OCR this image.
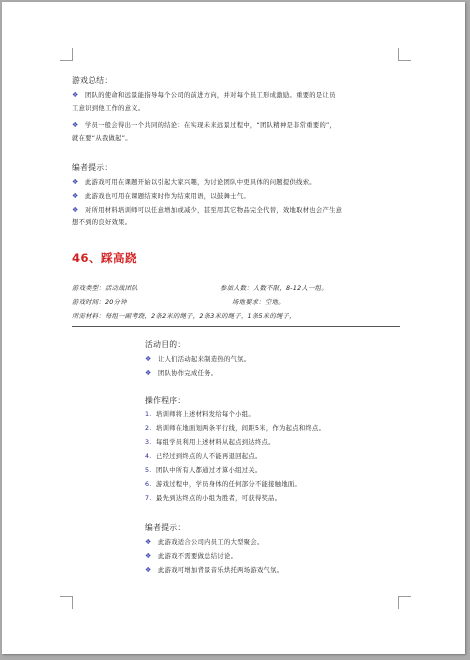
游戏总结：
❖ 团队的使命和远景能指导每个公司的前进方向，并对每个员工形成激励。重要的是让员
工意识到他工作的意义。
❖ 学员一般会得出一个共同的结论：在实现未来远景过程中，“团队精神是非常重要的”，
就在要“从我做起”。
编者提示：
❖ 此游戏可用在课题开始以引起大家兴趣，为讨论团队中更具体的问题提供线索。
❖ 此游戏也可用在课题结束时作为结束用语，以鼓舞士气。
❖ 对所用材料培训师可以任意增加或减少，甚至用其它物品完全代替，效地取材也会产生意
想不到的良好效果。
46、踩高跷
游戏类型：活动战团队	参加人数：人数不限，8-12人一组。
游戏时间：20分钟	场地要求：空地。
所需材料：每组一副考跷，2条2米的绳子，2条3米的绳子，1条5米的绳子，
活动目的：
❖ 让人们活动起来制造热的气氛。
❖ 团队协作完成任务。
操作程序：
1. 培训师将上述材料发给每个小组。
2. 培训师在地面划两条平行线，间距5米，作为起点和终点。
3. 每组学员利用上述材料从起点到达终点。
4. 已经过到终点的人不能再退回起点。
5. 团队中所有人都通过才算小组过关。
6. 游戏过程中，学员身体的任何部分不能接触地面。
7. 最先到达终点的小组为胜者，可获得奖品。
编者提示：
❖ 此游戏适合公司内员工的大型聚会。
❖ 此游戏不需要做总结讨论。
❖ 此游戏可增加背景音乐烘托两场游戏气氛。
